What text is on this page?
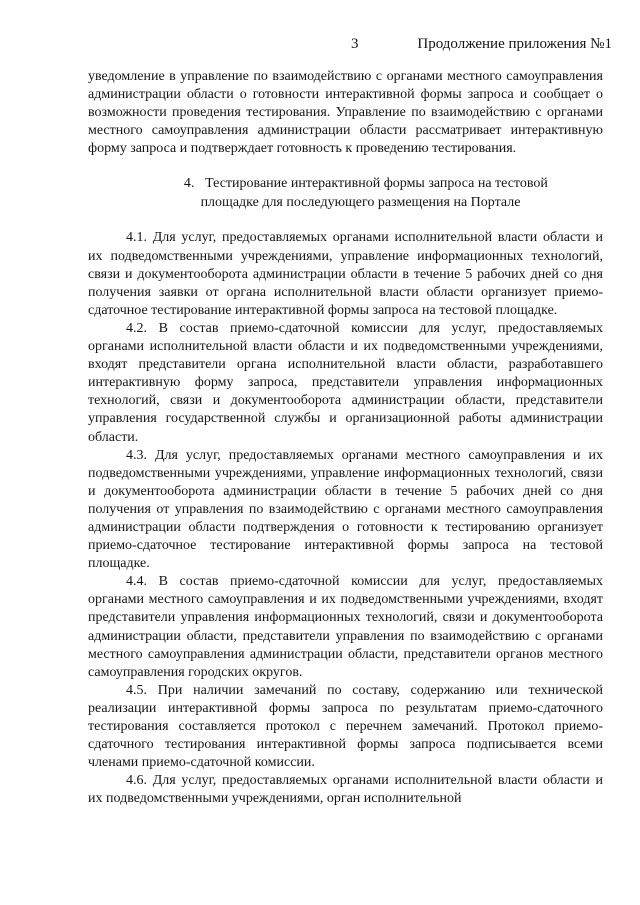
3	Продолжение приложения №1

уведомление в управление по взаимодействию с органами местного самоуправления администрации области о готовности интерактивной формы запроса и сообщает о возможности проведения тестирования. Управление по взаимодействию с органами местного самоуправления администрации области рассматривает интерактивную форму запроса и подтверждает готовность к проведению тестирования.

4. Тестирование интерактивной формы запроса на тестовой
площадке для последующего размещения на Портале

4.1. Для услуг, предоставляемых органами исполнительной власти области и их подведомственными учреждениями, управление информационных технологий, связи и документооборота администрации области в течение 5 рабочих дней со дня получения заявки от органа исполнительной власти области организует приемо-сдаточное тестирование интерактивной формы запроса на тестовой площадке.

4.2. В состав приемо-сдаточной комиссии для услуг, предоставляемых органами исполнительной власти области и их подведомственными учреждениями, входят представители органа исполнительной власти области, разработавшего интерактивную форму запроса, представители управления информационных технологий, связи и документооборота администрации области, представители управления государственной службы и организационной работы администрации области.

4.3. Для услуг, предоставляемых органами местного самоуправления и их подведомственными учреждениями, управление информационных технологий, связи и документооборота администрации области в течение 5 рабочих дней со дня получения от управления по взаимодействию с органами местного самоуправления администрации области подтверждения о готовности к тестированию организует приемо-сдаточное тестирование интерактивной формы запроса на тестовой площадке.

4.4. В состав приемо-сдаточной комиссии для услуг, предоставляемых органами местного самоуправления и их подведомственными учреждениями, входят представители управления информационных технологий, связи и документооборота администрации области, представители управления по взаимодействию с органами местного самоуправления администрации области, представители органов местного самоуправления городских округов.

4.5. При наличии замечаний по составу, содержанию или технической реализации интерактивной формы запроса по результатам приемо-сдаточного тестирования составляется протокол с перечнем замечаний. Протокол приемо-сдаточного тестирования интерактивной формы запроса подписывается всеми членами приемо-сдаточной комиссии.

4.6. Для услуг, предоставляемых органами исполнительной власти области и их подведомственными учреждениями, орган исполнительной
